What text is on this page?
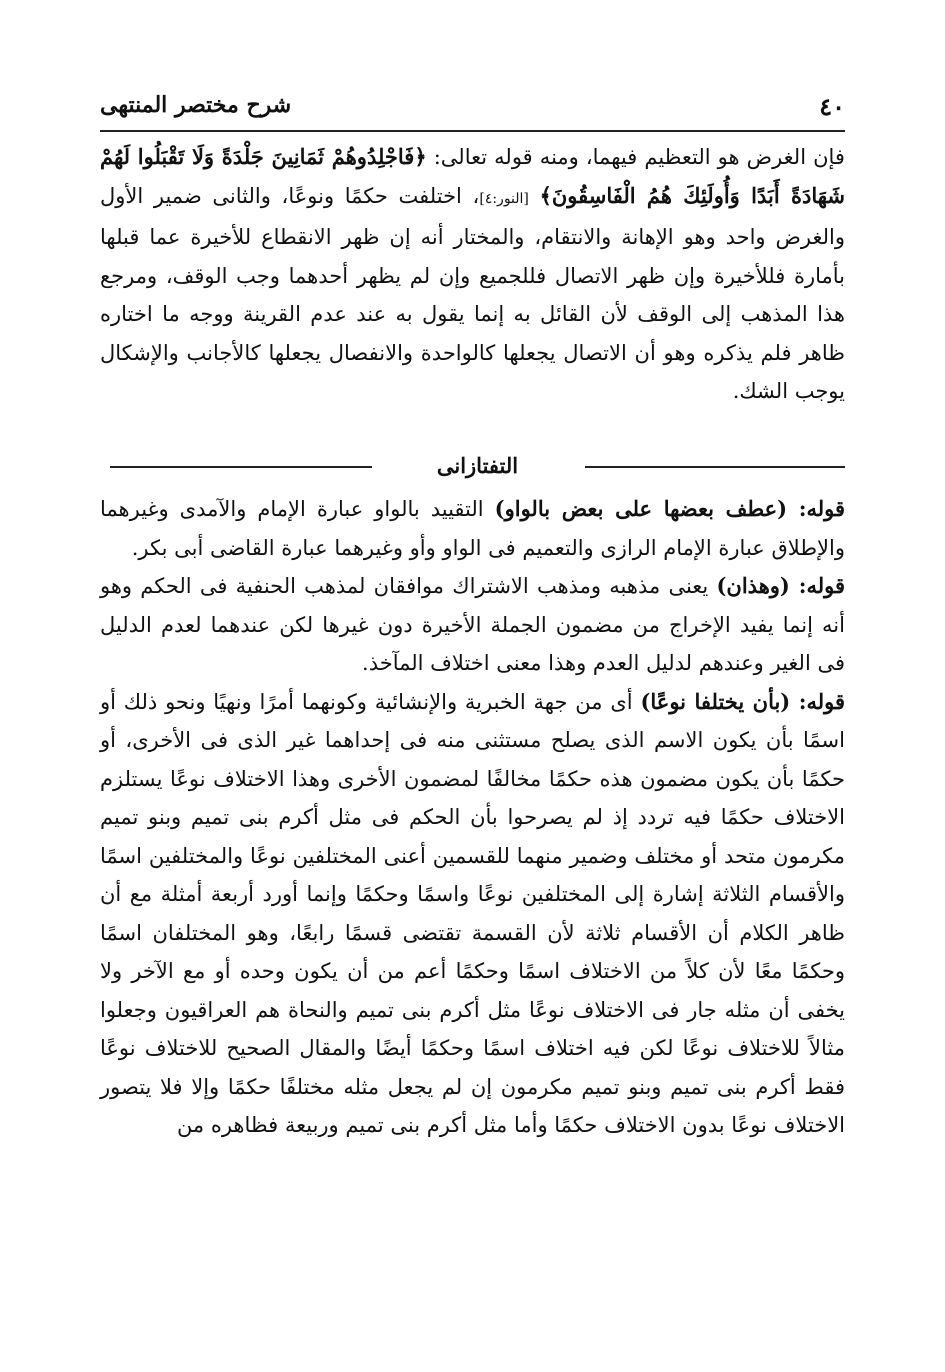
٤٠
شرح مختصر المنتهى

فإن الغرض هو التعظيم فيهما، ومنه قوله تعالى: ﴿فَاجْلِدُوهُمْ ثَمَانِينَ جَلْدَةً وَلَا تَقْبَلُوا لَهُمْ شَهَادَةً أَبَدًا وَأُولَئِكَ هُمُ الْفَاسِقُونَ﴾ [النور:٤]، اختلفت حكمًا ونوعًا، والثانى ضمير الأول والغرض واحد وهو الإهانة والانتقام، والمختار أنه إن ظهر الانقطاع للأخيرة عما قبلها بأمارة فللأخيرة وإن ظهر الاتصال فللجميع وإن لم يظهر أحدهما وجب الوقف، ومرجع هذا المذهب إلى الوقف لأن القائل به إنما يقول به عند عدم القرينة ووجه ما اختاره ظاهر فلم يذكره وهو أن الاتصال يجعلها كالواحدة والانفصال يجعلها كالأجانب والإشكال يوجب الشك.

التفتازانى

قوله: (عطف بعضها على بعض بالواو) التقييد بالواو عبارة الإمام والآمدى وغيرهما والإطلاق عبارة الإمام الرازى والتعميم فى الواو وأو وغيرهما عبارة القاضى أبى بكر.

قوله: (وهذان) يعنى مذهبه ومذهب الاشتراك موافقان لمذهب الحنفية فى الحكم وهو أنه إنما يفيد الإخراج من مضمون الجملة الأخيرة دون غيرها لكن عندهما لعدم الدليل فى الغير وعندهم لدليل العدم وهذا معنى اختلاف المآخذ.

قوله: (بأن يختلفا نوعًا) أى من جهة الخبرية والإنشائية وكونهما أمرًا ونهيًا ونحو ذلك أو اسمًا بأن يكون الاسم الذى يصلح مستثنى منه فى إحداهما غير الذى فى الأخرى، أو حكمًا بأن يكون مضمون هذه حكمًا مخالفًا لمضمون الأخرى وهذا الاختلاف نوعًا يستلزم الاختلاف حكمًا فيه تردد إذ لم يصرحوا بأن الحكم فى مثل أكرم بنى تميم وبنو تميم مكرمون متحد أو مختلف وضمير منهما للقسمين أعنى المختلفين نوعًا والمختلفين اسمًا والأقسام الثلاثة إشارة إلى المختلفين نوعًا واسمًا وحكمًا وإنما أورد أربعة أمثلة مع أن ظاهر الكلام أن الأقسام ثلاثة لأن القسمة تقتضى قسمًا رابعًا، وهو المختلفان اسمًا وحكمًا معًا لأن كلاً من الاختلاف اسمًا وحكمًا أعم من أن يكون وحده أو مع الآخر ولا يخفى أن مثله جار فى الاختلاف نوعًا مثل أكرم بنى تميم والنحاة هم العراقيون وجعلوا مثالاً للاختلاف نوعًا لكن فيه اختلاف اسمًا وحكمًا أيضًا والمقال الصحيح للاختلاف نوعًا فقط أكرم بنى تميم وبنو تميم مكرمون إن لم يجعل مثله مختلفًا حكمًا وإلا فلا يتصور الاختلاف نوعًا بدون الاختلاف حكمًا وأما مثل أكرم بنى تميم وربيعة فظاهره من
